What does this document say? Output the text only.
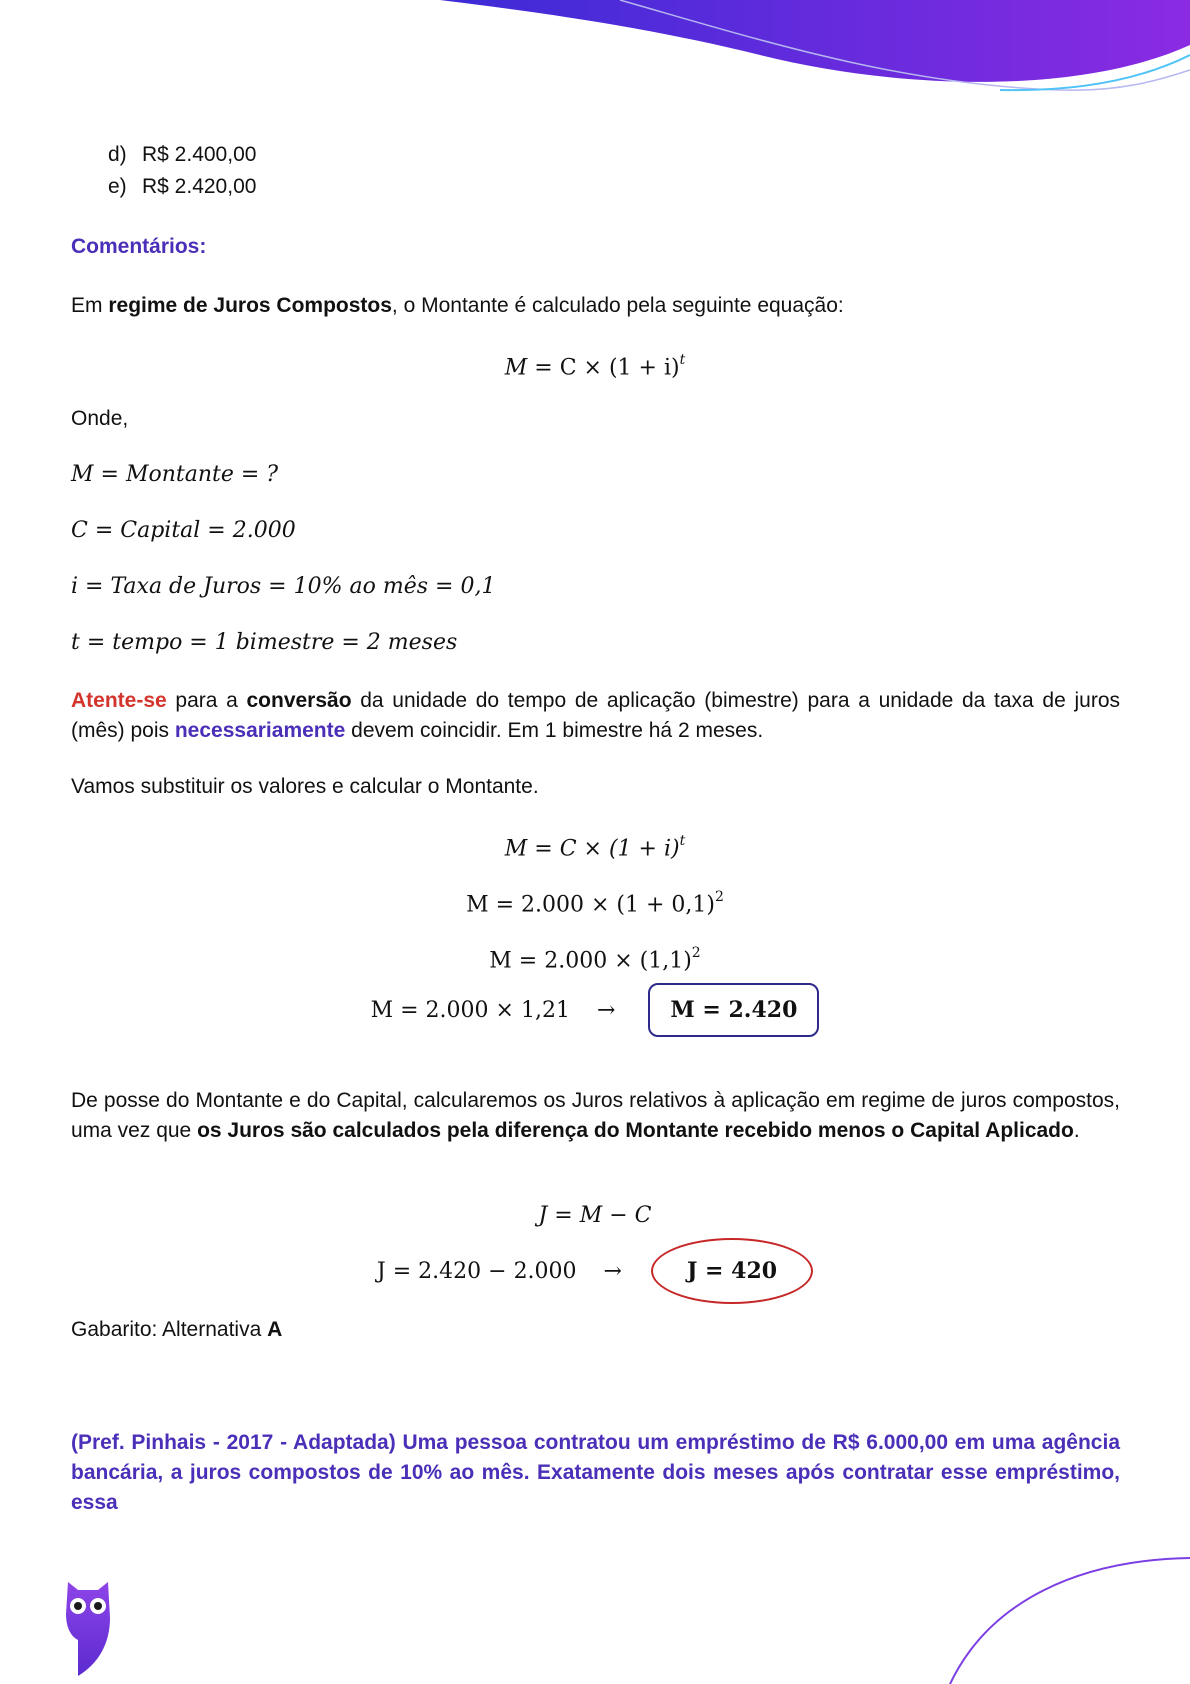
d) R$ 2.400,00
e) R$ 2.420,00
Comentários:
Em regime de Juros Compostos, o Montante é calculado pela seguinte equação:
$M = C \times (1 + i)^t$
Onde,
M = Montante = ?
C = Capital = 2.000
i = Taxa de Juros = 10% ao mês = 0,1
t = tempo = 1 bimestre = 2 meses
Atente-se para a conversão da unidade do tempo de aplicação (bimestre) para a unidade da taxa de juros (mês) pois necessariamente devem coincidir. Em 1 bimestre há 2 meses.
Vamos substituir os valores e calcular o Montante.
$M = C \times (1 + i)^t$
$M = 2.000 \times (1 + 0,1)^2$
$M = 2.000 \times (1,1)^2$
M = 2.000 × 1,21 →	M = 2.420
De posse do Montante e do Capital, calcularemos os Juros relativos à aplicação em regime de juros compostos, uma vez que os Juros são calculados pela diferença do Montante recebido menos o Capital Aplicado.
J = M − C
J = 2.420 − 2.000 →	J = 420
Gabarito: Alternativa A
(Pref. Pinhais - 2017 - Adaptada) Uma pessoa contratou um empréstimo de R$ 6.000,00 em uma agência bancária, a juros compostos de 10% ao mês. Exatamente dois meses após contratar esse empréstimo, essa
